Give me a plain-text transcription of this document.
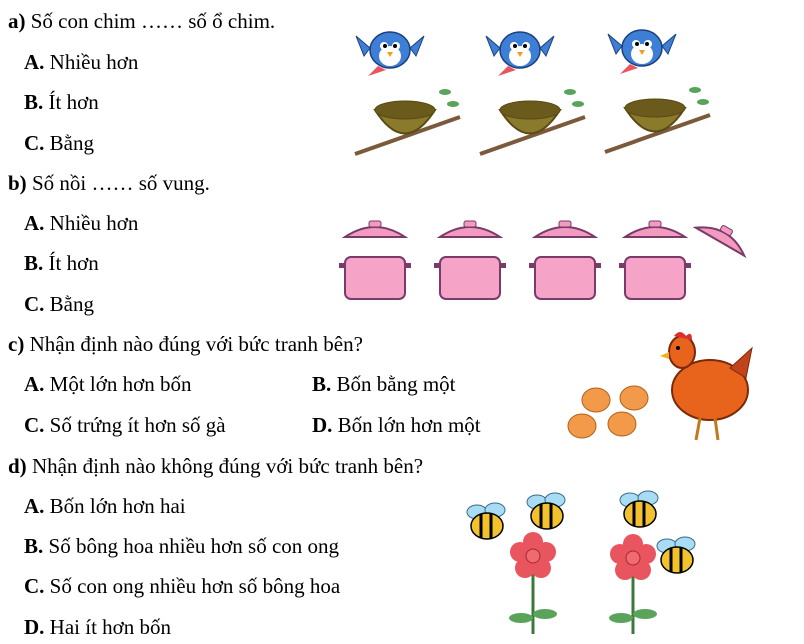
a) Số con chim …… số ổ chim.
A. Nhiều hơn
B. Ít hơn
C. Bằng
b) Số nồi …… số vung.
A. Nhiều hơn
B. Ít hơn
C. Bằng
c) Nhận định nào đúng với bức tranh bên?
A. Một lớn hơn bốn	B. Bốn bằng một
C. Số trứng ít hơn số gà	D. Bốn lớn hơn một
d) Nhận định nào không đúng với bức tranh bên?
A. Bốn lớn hơn hai
B. Số bông hoa nhiều hơn số con ong
C. Số con ong nhiều hơn số bông hoa
D. Hai ít hơn bốn
